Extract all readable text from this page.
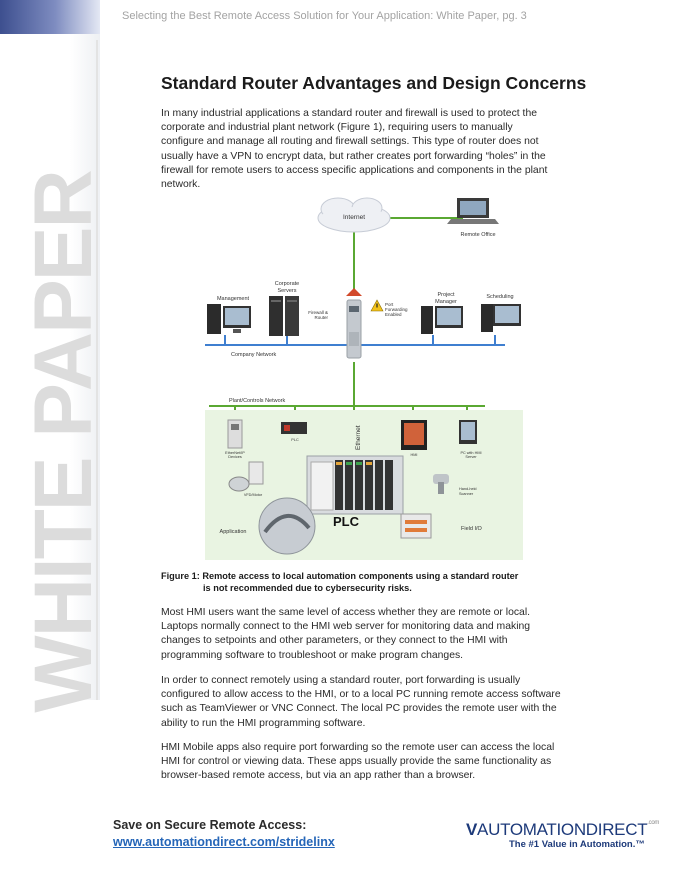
WHITE PAPER
Selecting the Best Remote Access Solution for Your Application: White Paper, pg. 3
Standard Router Advantages and Design Concerns

In many industrial applications a standard router and firewall is used to protect the
corporate and industrial plant network (Figure 1), requiring users to manually
configure and manage all routing and firewall settings. This type of router does not
usually have a VPN to encrypt data, but rather creates port forwarding “holes” in the
firewall for remote users to access specific applications and components in the plant
network.

Internet
Remote Office
Management
Corporate
Servers
Firewall &
Router
Port
Forwarding
Enabled
Project
Manager
Scheduling
Company Network
Plant/Controls Network
Ethernet
EtherNet/IP
Devices
PLC
HMI	PC with HMI
Server
VFD/Motor
PLC
Hand-held
Scanner
Application	Field I/O

Figure 1: Remote access to local automation components using a standard router
is not recommended due to cybersecurity risks.

Most HMI users want the same level of access whether they are remote or local.
Laptops normally connect to the HMI web server for monitoring data and making
changes to setpoints and other parameters, or they connect to the HMI with
programming software to troubleshoot or make program changes.

In order to connect remotely using a standard router, port forwarding is usually
configured to allow access to the HMI, or to a local PC running remote access software
such as TeamViewer or VNC Connect. The local PC provides the remote user with the
ability to run the HMI programming software.

HMI Mobile apps also require port forwarding so the remote user can access the local
HMI for control or viewing data. These apps usually provide the same functionality as
browser-based remote access, but via an app rather than a browser.

Save on Secure Remote Access:
www.automationdirect.com/stridelinx
$VAUTOMATIONDIRECT^{.com}$
The #1 Value in Automation.™
